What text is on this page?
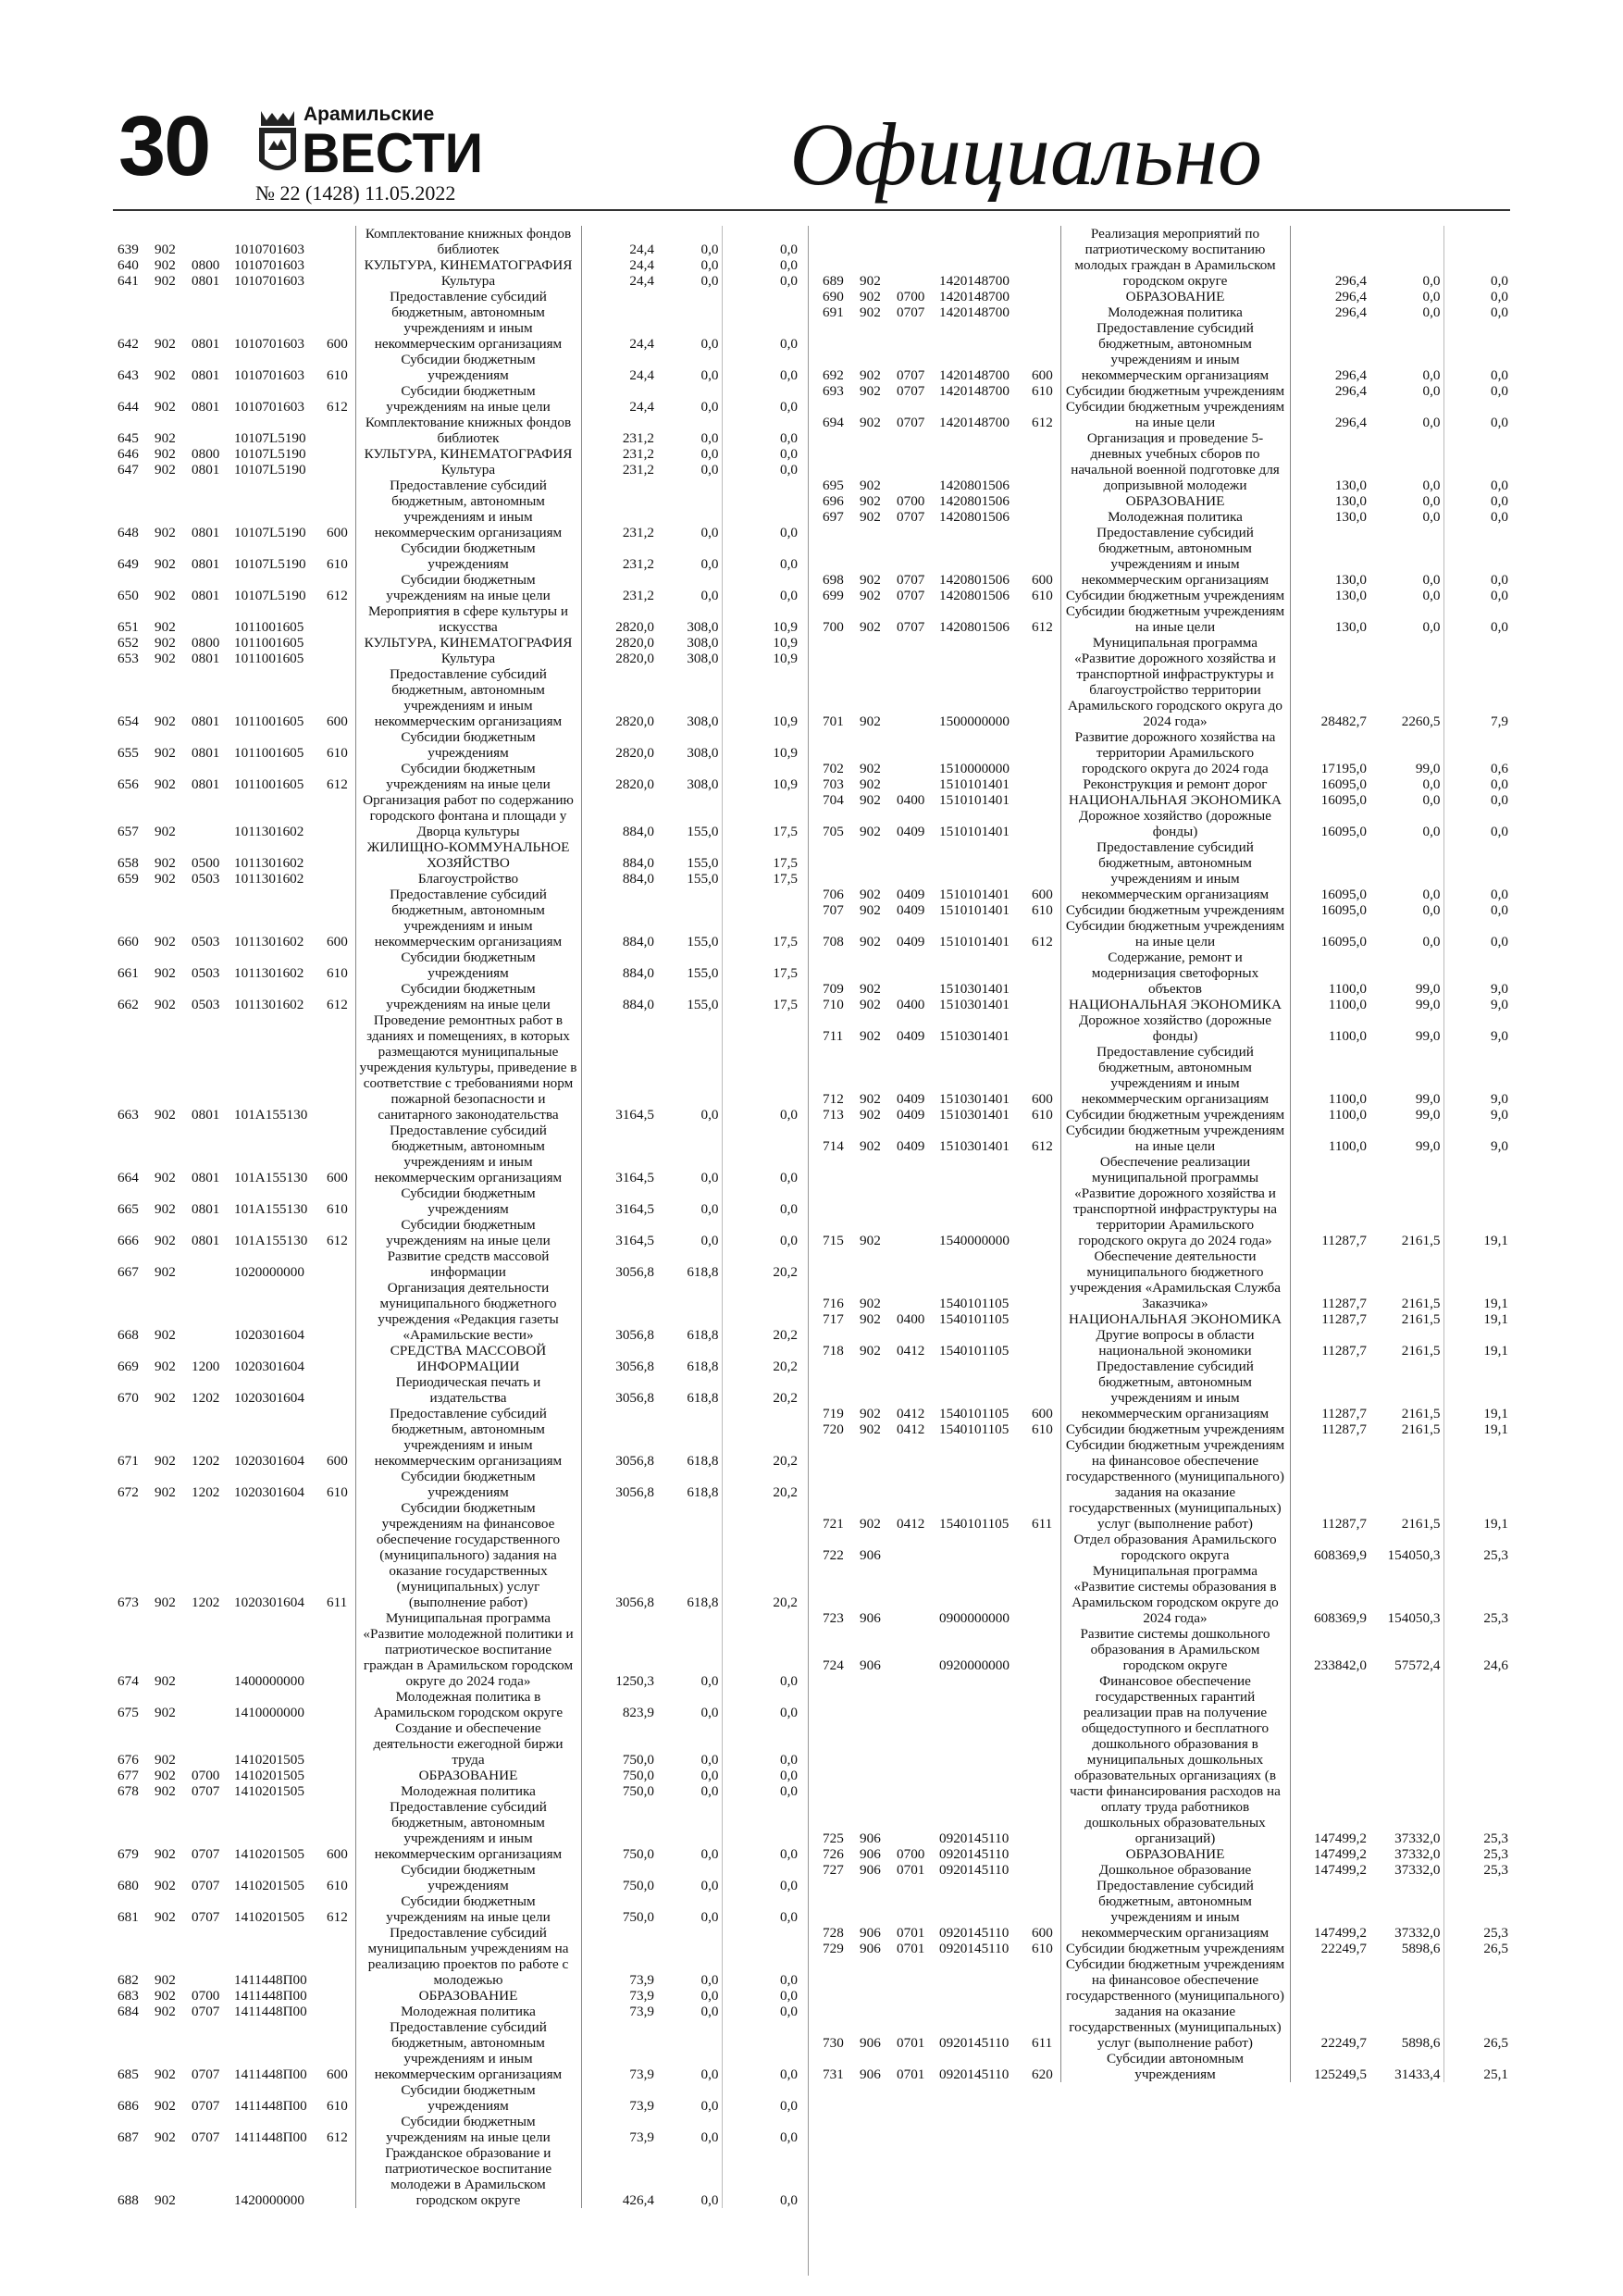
30	Арамильские
ВЕСТИ
№ 22 (1428) 11.05.2022	Официально
639	902		1010701603		Комплектование книжных фондов библиотек	24,4	0,0	0,0
640	902	0800	1010701603		КУЛЬТУРА, КИНЕМАТОГРАФИЯ	24,4	0,0	0,0
641	902	0801	1010701603		Культура	24,4	0,0	0,0
642	902	0801	1010701603	600	Предоставление субсидий бюджетным, автономным учреждениям и иным некоммерческим организациям	24,4	0,0	0,0
643	902	0801	1010701603	610	Субсидии бюджетным учреждениям	24,4	0,0	0,0
644	902	0801	1010701603	612	Субсидии бюджетным учреждениям на иные цели	24,4	0,0	0,0
645	902		10107L5190		Комплектование книжных фондов библиотек	231,2	0,0	0,0
646	902	0800	10107L5190		КУЛЬТУРА, КИНЕМАТОГРАФИЯ	231,2	0,0	0,0
647	902	0801	10107L5190		Культура	231,2	0,0	0,0
648	902	0801	10107L5190	600	Предоставление субсидий бюджетным, автономным учреждениям и иным некоммерческим организациям	231,2	0,0	0,0
649	902	0801	10107L5190	610	Субсидии бюджетным учреждениям	231,2	0,0	0,0
650	902	0801	10107L5190	612	Субсидии бюджетным учреждениям на иные цели	231,2	0,0	0,0
651	902		1011001605		Мероприятия в сфере культуры и искусства	2820,0	308,0	10,9
652	902	0800	1011001605		КУЛЬТУРА, КИНЕМАТОГРАФИЯ	2820,0	308,0	10,9
653	902	0801	1011001605		Культура	2820,0	308,0	10,9
654	902	0801	1011001605	600	Предоставление субсидий бюджетным, автономным учреждениям и иным некоммерческим организациям	2820,0	308,0	10,9
655	902	0801	1011001605	610	Субсидии бюджетным учреждениям	2820,0	308,0	10,9
656	902	0801	1011001605	612	Субсидии бюджетным учреждениям на иные цели	2820,0	308,0	10,9
657	902		1011301602		Организация работ по содержанию городского фонтана и площади у Дворца культуры	884,0	155,0	17,5
658	902	0500	1011301602		ЖИЛИЩНО-КОММУНАЛЬНОЕ ХОЗЯЙСТВО	884,0	155,0	17,5
659	902	0503	1011301602		Благоустройство	884,0	155,0	17,5
660	902	0503	1011301602	600	Предоставление субсидий бюджетным, автономным учреждениям и иным некоммерческим организациям	884,0	155,0	17,5
661	902	0503	1011301602	610	Субсидии бюджетным учреждениям	884,0	155,0	17,5
662	902	0503	1011301602	612	Субсидии бюджетным учреждениям на иные цели	884,0	155,0	17,5
663	902	0801	101А155130		Проведение ремонтных работ в зданиях и помещениях, в которых размещаются муниципальные учреждения культуры, приведение в соответствие с требованиями норм пожарной безопасности и санитарного законодательства	3164,5	0,0	0,0
664	902	0801	101А155130	600	Предоставление субсидий бюджетным, автономным учреждениям и иным некоммерческим организациям	3164,5	0,0	0,0
665	902	0801	101А155130	610	Субсидии бюджетным учреждениям	3164,5	0,0	0,0
666	902	0801	101А155130	612	Субсидии бюджетным учреждениям на иные цели	3164,5	0,0	0,0
667	902		1020000000		Развитие средств массовой информации	3056,8	618,8	20,2
668	902		1020301604		Организация деятельности муниципального бюджетного учреждения «Редакция газеты «Арамильские вести»	3056,8	618,8	20,2
669	902	1200	1020301604		СРЕДСТВА МАССОВОЙ ИНФОРМАЦИИ	3056,8	618,8	20,2
670	902	1202	1020301604		Периодическая печать и издательства	3056,8	618,8	20,2
671	902	1202	1020301604	600	Предоставление субсидий бюджетным, автономным учреждениям и иным некоммерческим организациям	3056,8	618,8	20,2
672	902	1202	1020301604	610	Субсидии бюджетным учреждениям	3056,8	618,8	20,2
673	902	1202	1020301604	611	Субсидии бюджетным учреждениям на финансовое обеспечение государственного (муниципального) задания на оказание государственных (муниципальных) услуг (выполнение работ)	3056,8	618,8	20,2
674	902		1400000000		Муниципальная программа «Развитие молодежной политики и патриотическое воспитание граждан в Арамильском городском округе до 2024 года»	1250,3	0,0	0,0
675	902		1410000000		Молодежная политика в Арамильском городском округе	823,9	0,0	0,0
676	902		1410201505		Создание и обеспечение деятельности ежегодной биржи труда	750,0	0,0	0,0
677	902	0700	1410201505		ОБРАЗОВАНИЕ	750,0	0,0	0,0
678	902	0707	1410201505		Молодежная политика	750,0	0,0	0,0
679	902	0707	1410201505	600	Предоставление субсидий бюджетным, автономным учреждениям и иным некоммерческим организациям	750,0	0,0	0,0
680	902	0707	1410201505	610	Субсидии бюджетным учреждениям	750,0	0,0	0,0
681	902	0707	1410201505	612	Субсидии бюджетным учреждениям на иные цели	750,0	0,0	0,0
682	902		1411448П00		Предоставление субсидий муниципальным учреждениям на реализацию проектов по работе с молодежью	73,9	0,0	0,0
683	902	0700	1411448П00		ОБРАЗОВАНИЕ	73,9	0,0	0,0
684	902	0707	1411448П00		Молодежная политика	73,9	0,0	0,0
685	902	0707	1411448П00	600	Предоставление субсидий бюджетным, автономным учреждениям и иным некоммерческим организациям	73,9	0,0	0,0
686	902	0707	1411448П00	610	Субсидии бюджетным учреждениям	73,9	0,0	0,0
687	902	0707	1411448П00	612	Субсидии бюджетным учреждениям на иные цели	73,9	0,0	0,0
688	902		1420000000		Гражданское образование и патриотическое воспитание молодежи в Арамильском городском округе	426,4	0,0	0,0
689	902		1420148700		Реализация мероприятий по патриотическому воспитанию молодых граждан в Арамильском городском округе	296,4	0,0	0,0
690	902	0700	1420148700		ОБРАЗОВАНИЕ	296,4	0,0	0,0
691	902	0707	1420148700		Молодежная политика	296,4	0,0	0,0
692	902	0707	1420148700	600	Предоставление субсидий бюджетным, автономным учреждениям и иным некоммерческим организациям	296,4	0,0	0,0
693	902	0707	1420148700	610	Субсидии бюджетным учреждениям	296,4	0,0	0,0
694	902	0707	1420148700	612	Субсидии бюджетным учреждениям на иные цели	296,4	0,0	0,0
695	902		1420801506		Организация и проведение 5-дневных учебных сборов по начальной военной подготовке для допризывной молодежи	130,0	0,0	0,0
696	902	0700	1420801506		ОБРАЗОВАНИЕ	130,0	0,0	0,0
697	902	0707	1420801506		Молодежная политика	130,0	0,0	0,0
698	902	0707	1420801506	600	Предоставление субсидий бюджетным, автономным учреждениям и иным некоммерческим организациям	130,0	0,0	0,0
699	902	0707	1420801506	610	Субсидии бюджетным учреждениям	130,0	0,0	0,0
700	902	0707	1420801506	612	Субсидии бюджетным учреждениям на иные цели	130,0	0,0	0,0
701	902		1500000000		Муниципальная программа «Развитие дорожного хозяйства и транспортной инфраструктуры и благоустройство территории Арамильского городского округа до 2024 года»	28482,7	2260,5	7,9
702	902		1510000000		Развитие дорожного хозяйства на территории Арамильского городского округа до 2024 года	17195,0	99,0	0,6
703	902		1510101401		Реконструкция и ремонт дорог	16095,0	0,0	0,0
704	902	0400	1510101401		НАЦИОНАЛЬНАЯ ЭКОНОМИКА	16095,0	0,0	0,0
705	902	0409	1510101401		Дорожное хозяйство (дорожные фонды)	16095,0	0,0	0,0
706	902	0409	1510101401	600	Предоставление субсидий бюджетным, автономным учреждениям и иным некоммерческим организациям	16095,0	0,0	0,0
707	902	0409	1510101401	610	Субсидии бюджетным учреждениям	16095,0	0,0	0,0
708	902	0409	1510101401	612	Субсидии бюджетным учреждениям на иные цели	16095,0	0,0	0,0
709	902		1510301401		Содержание, ремонт и модернизация светофорных объектов	1100,0	99,0	9,0
710	902	0400	1510301401		НАЦИОНАЛЬНАЯ ЭКОНОМИКА	1100,0	99,0	9,0
711	902	0409	1510301401		Дорожное хозяйство (дорожные фонды)	1100,0	99,0	9,0
712	902	0409	1510301401	600	Предоставление субсидий бюджетным, автономным учреждениям и иным некоммерческим организациям	1100,0	99,0	9,0
713	902	0409	1510301401	610	Субсидии бюджетным учреждениям	1100,0	99,0	9,0
714	902	0409	1510301401	612	Субсидии бюджетным учреждениям на иные цели	1100,0	99,0	9,0
715	902		1540000000		Обеспечение реализации муниципальной программы «Развитие дорожного хозяйства и транспортной инфраструктуры на территории Арамильского городского округа до 2024 года»	11287,7	2161,5	19,1
716	902		1540101105		Обеспечение деятельности муниципального бюджетного учреждения «Арамильская Служба Заказчика»	11287,7	2161,5	19,1
717	902	0400	1540101105		НАЦИОНАЛЬНАЯ ЭКОНОМИКА	11287,7	2161,5	19,1
718	902	0412	1540101105		Другие вопросы в области национальной экономики	11287,7	2161,5	19,1
719	902	0412	1540101105	600	Предоставление субсидий бюджетным, автономным учреждениям и иным некоммерческим организациям	11287,7	2161,5	19,1
720	902	0412	1540101105	610	Субсидии бюджетным учреждениям	11287,7	2161,5	19,1
721	902	0412	1540101105	611	Субсидии бюджетным учреждениям на финансовое обеспечение государственного (муниципального) задания на оказание государственных (муниципальных) услуг (выполнение работ)	11287,7	2161,5	19,1
722	906				Отдел образования Арамильского городского округа	608369,9	154050,3	25,3
723	906		0900000000		Муниципальная программа «Развитие системы образования в Арамильском городском округе до 2024 года»	608369,9	154050,3	25,3
724	906		0920000000		Развитие системы дошкольного образования в Арамильском городском округе	233842,0	57572,4	24,6
725	906		0920145110		Финансовое обеспечение государственных гарантий реализации прав на получение общедоступного и бесплатного дошкольного образования в муниципальных дошкольных образовательных организациях (в части финансирования расходов на оплату труда работников дошкольных образовательных организаций)	147499,2	37332,0	25,3
726	906	0700	0920145110		ОБРАЗОВАНИЕ	147499,2	37332,0	25,3
727	906	0701	0920145110		Дошкольное образование	147499,2	37332,0	25,3
728	906	0701	0920145110	600	Предоставление субсидий бюджетным, автономным учреждениям и иным некоммерческим организациям	147499,2	37332,0	25,3
729	906	0701	0920145110	610	Субсидии бюджетным учреждениям	22249,7	5898,6	26,5
730	906	0701	0920145110	611	Субсидии бюджетным учреждениям на финансовое обеспечение государственного (муниципального) задания на оказание государственных (муниципальных) услуг (выполнение работ)	22249,7	5898,6	26,5
731	906	0701	0920145110	620	Субсидии автономным учреждениям	125249,5	31433,4	25,1
